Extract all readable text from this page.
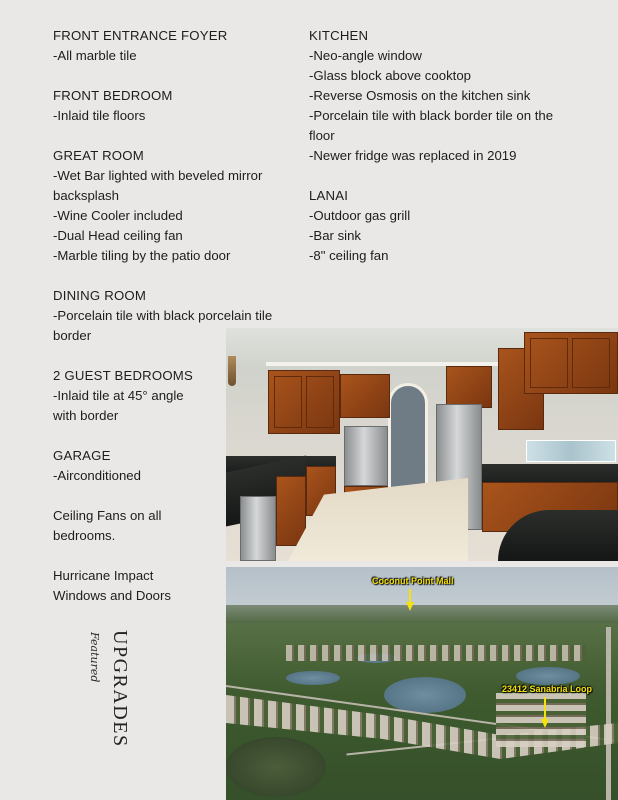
FRONT ENTRANCE FOYER

-All marble tile

FRONT BEDROOM

-Inlaid tile floors

GREAT ROOM

-Wet Bar lighted with beveled mirror

backsplash

-Wine Cooler included

-Dual Head ceiling fan

-Marble tiling by the patio door

DINING ROOM

-Porcelain tile with black porcelain tile

border

2 GUEST BEDROOMS

-Inlaid tile at 45° angle

with border

GARAGE

-Airconditioned

Ceiling Fans on all

bedrooms.

Hurricane Impact

Windows and Doors

KITCHEN

-Neo-angle window

-Glass block above cooktop

-Reverse Osmosis on the kitchen sink

-Porcelain tile with black border tile on the

floor

-Newer fridge was replaced in 2019

LANAI

-Outdoor gas grill

-Bar sink

-8" ceiling fan

Coconut Point Mall
23412 Sanabria Loop
Featured UPGRADES
